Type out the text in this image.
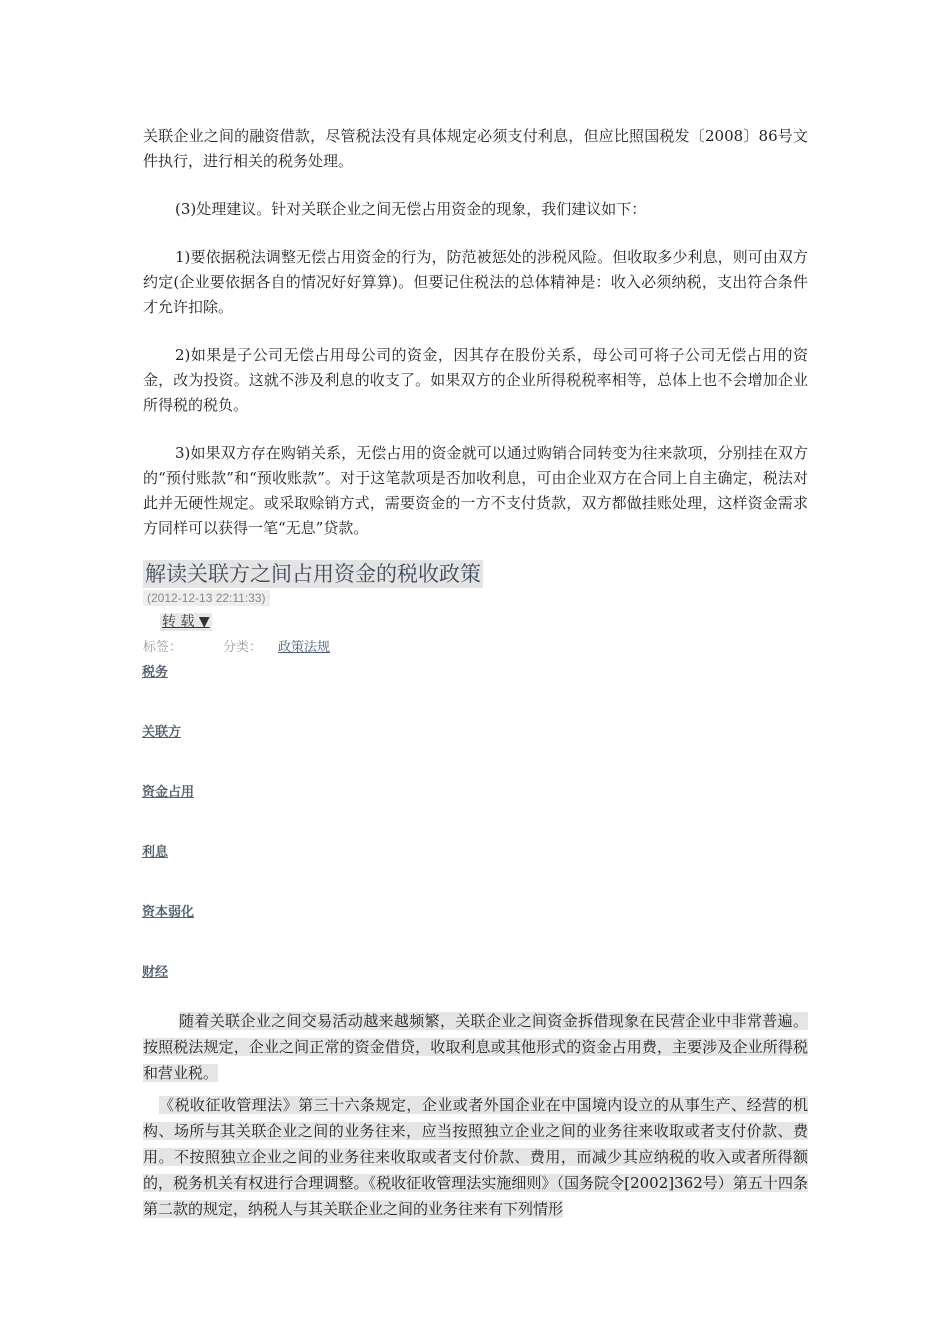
关联企业之间的融资借款，尽管税法没有具体规定必须支付利息，但应比照国税发〔2008〕86号文件执行，进行相关的税务处理。

(3)处理建议。针对关联企业之间无偿占用资金的现象，我们建议如下：

1)要依据税法调整无偿占用资金的行为，防范被惩处的涉税风险。但收取多少利息，则可由双方约定(企业要依据各自的情况好好算算)。但要记住税法的总体精神是：收入必须纳税，支出符合条件才允许扣除。

2)如果是子公司无偿占用母公司的资金，因其存在股份关系，母公司可将子公司无偿占用的资金，改为投资。这就不涉及利息的收支了。如果双方的企业所得税税率相等，总体上也不会增加企业所得税的税负。

3)如果双方存在购销关系，无偿占用的资金就可以通过购销合同转变为往来款项，分别挂在双方的“预付账款”和“预收账款”。对于这笔款项是否加收利息，可由企业双方在合同上自主确定，税法对此并无硬性规定。或采取赊销方式，需要资金的一方不支付货款，双方都做挂账处理，这样资金需求方同样可以获得一笔“无息”贷款。

解读关联方之间占用资金的税收政策
(2012-12-13 22:11:33)
转 载 ▼
标签：	分类： 政策法规
税务
关联方
资金占用
利息
资本弱化
财经

随着关联企业之间交易活动越来越频繁，关联企业之间资金拆借现象在民营企业中非常普遍。按照税法规定，企业之间正常的资金借贷，收取利息或其他形式的资金占用费，主要涉及企业所得税和营业税。

《税收征收管理法》第三十六条规定，企业或者外国企业在中国境内设立的从事生产、经营的机构、场所与其关联企业之间的业务往来，应当按照独立企业之间的业务往来收取或者支付价款、费用。不按照独立企业之间的业务往来收取或者支付价款、费用，而减少其应纳税的收入或者所得额的，税务机关有权进行合理调整。《税收征收管理法实施细则》（国务院令[2002]362号）第五十四条第二款的规定，纳税人与其关联企业之间的业务往来有下列情形
